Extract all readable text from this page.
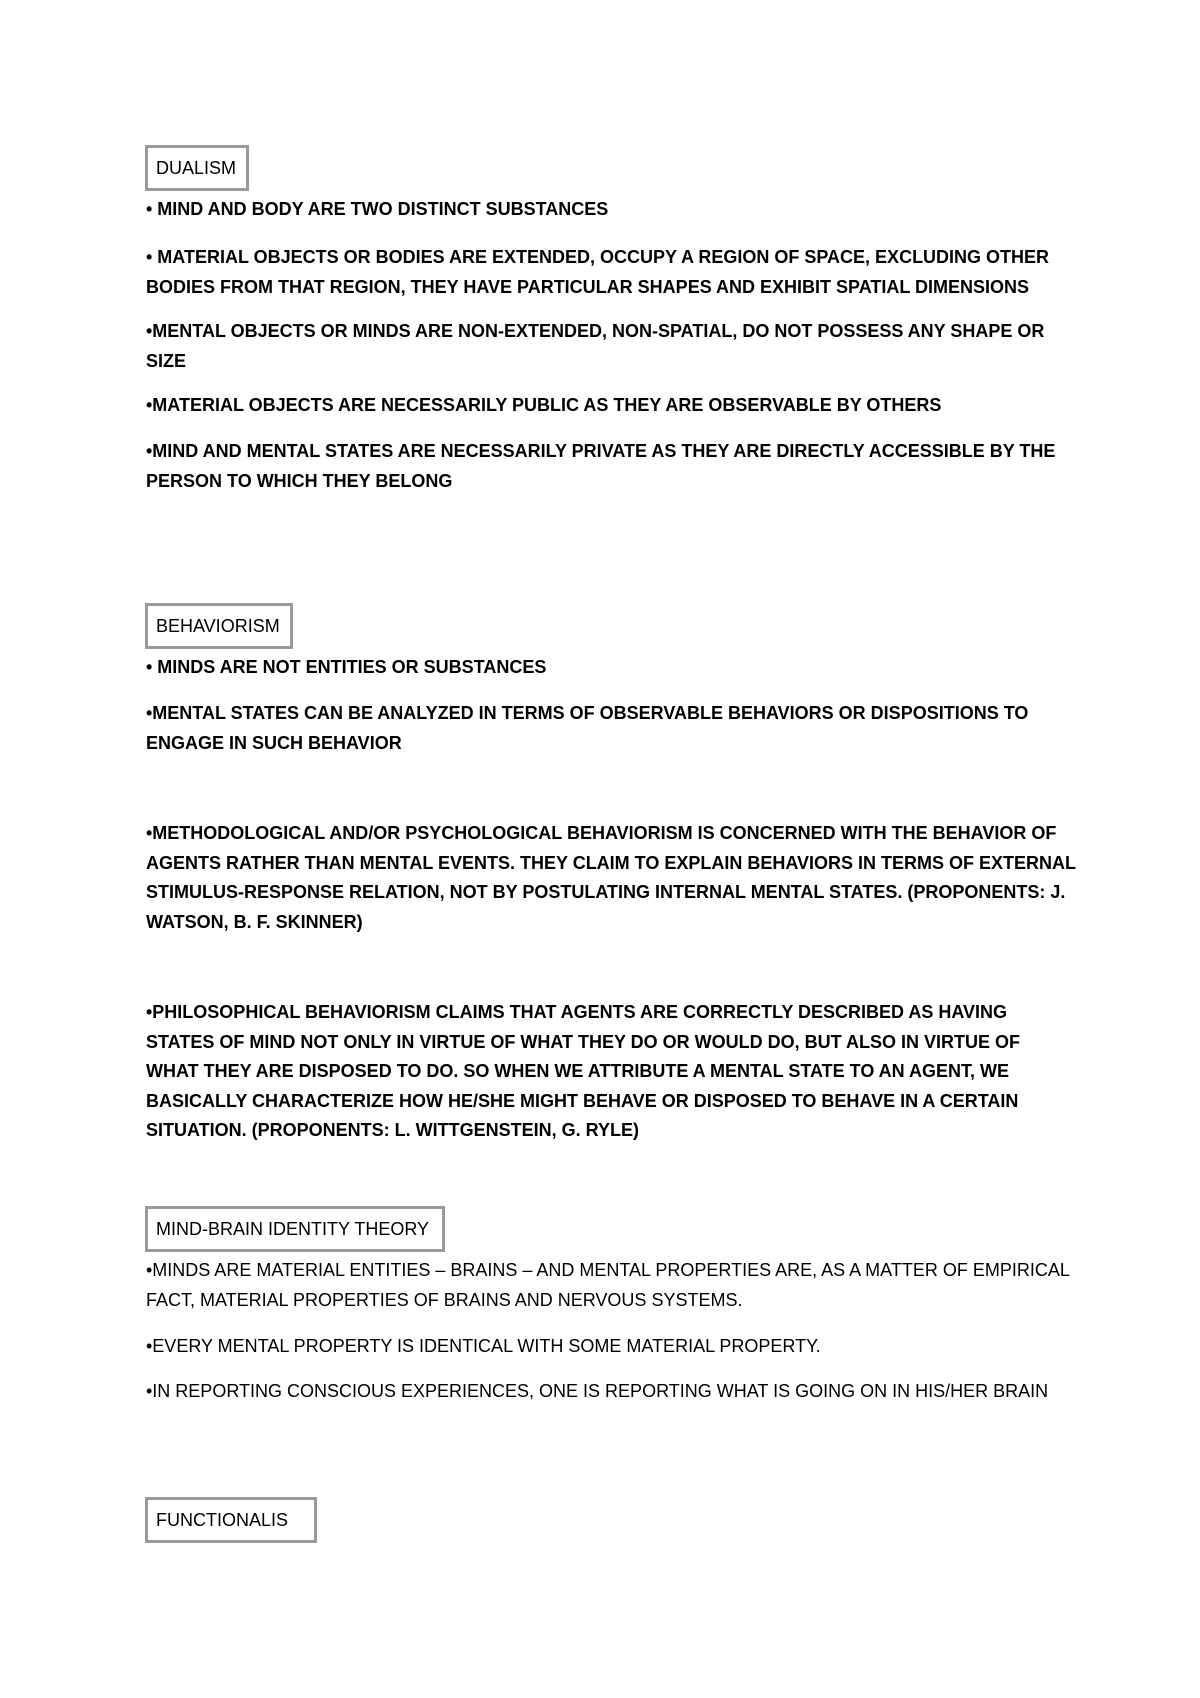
DUALISM

• MIND AND BODY ARE TWO DISTINCT SUBSTANCES

• MATERIAL OBJECTS OR BODIES ARE EXTENDED, OCCUPY A REGION OF SPACE, EXCLUDING OTHER BODIES FROM THAT REGION, THEY HAVE PARTICULAR SHAPES AND EXHIBIT SPATIAL DIMENSIONS

•MENTAL OBJECTS OR MINDS ARE NON-EXTENDED, NON-SPATIAL, DO NOT POSSESS ANY SHAPE OR SIZE

•MATERIAL OBJECTS ARE NECESSARILY PUBLIC AS THEY ARE OBSERVABLE BY OTHERS

•MIND AND MENTAL STATES ARE NECESSARILY PRIVATE AS THEY ARE DIRECTLY ACCESSIBLE BY THE PERSON TO WHICH THEY BELONG

BEHAVIORISM

• MINDS ARE NOT ENTITIES OR SUBSTANCES

•MENTAL STATES CAN BE ANALYZED IN TERMS OF OBSERVABLE BEHAVIORS OR DISPOSITIONS TO ENGAGE IN SUCH BEHAVIOR

•METHODOLOGICAL AND/OR PSYCHOLOGICAL BEHAVIORISM IS CONCERNED WITH THE BEHAVIOR OF AGENTS RATHER THAN MENTAL EVENTS. THEY CLAIM TO EXPLAIN BEHAVIORS IN TERMS OF EXTERNAL STIMULUS-RESPONSE RELATION, NOT BY POSTULATING INTERNAL MENTAL STATES. (PROPONENTS: J. WATSON, B. F. SKINNER)

•PHILOSOPHICAL BEHAVIORISM CLAIMS THAT AGENTS ARE CORRECTLY DESCRIBED AS HAVING STATES OF MIND NOT ONLY IN VIRTUE OF WHAT THEY DO OR WOULD DO, BUT ALSO IN VIRTUE OF WHAT THEY ARE DISPOSED TO DO. SO WHEN WE ATTRIBUTE A MENTAL STATE TO AN AGENT, WE BASICALLY CHARACTERIZE HOW HE/SHE MIGHT BEHAVE OR DISPOSED TO BEHAVE IN A CERTAIN SITUATION. (PROPONENTS: L. WITTGENSTEIN, G. RYLE)

MIND-BRAIN IDENTITY THEORY

•MINDS ARE MATERIAL ENTITIES – BRAINS – AND MENTAL PROPERTIES ARE, AS A MATTER OF EMPIRICAL FACT, MATERIAL PROPERTIES OF BRAINS AND NERVOUS SYSTEMS.

•EVERY MENTAL PROPERTY IS IDENTICAL WITH SOME MATERIAL PROPERTY.

•IN REPORTING CONSCIOUS EXPERIENCES, ONE IS REPORTING WHAT IS GOING ON IN HIS/HER BRAIN

FUNCTIONALIS
